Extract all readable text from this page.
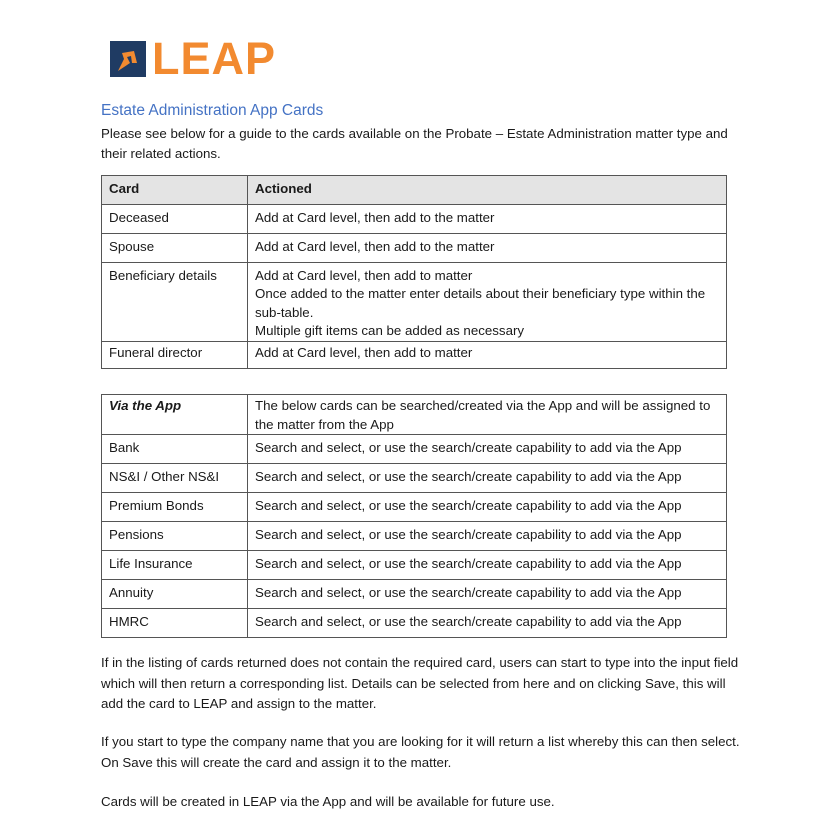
LEAP
Estate Administration App Cards

Please see below for a guide to the cards available on the Probate – Estate Administration matter type and their related actions.

Card	Actioned
Deceased	Add at Card level, then add to the matter
Spouse	Add at Card level, then add to the matter
Beneficiary details	Add at Card level, then add to matter
Once added to the matter enter details about their beneficiary type within the sub-table.
Multiple gift items can be added as necessary

Funeral director	Add at Card level, then add to matter
Via the App	The below cards can be searched/created via the App and will be assigned to the matter from the App
Bank	Search and select, or use the search/create capability to add via the App
NS&I / Other NS&I	Search and select, or use the search/create capability to add via the App
Premium Bonds	Search and select, or use the search/create capability to add via the App
Pensions	Search and select, or use the search/create capability to add via the App
Life Insurance	Search and select, or use the search/create capability to add via the App
Annuity	Search and select, or use the search/create capability to add via the App
HMRC	Search and select, or use the search/create capability to add via the App

If in the listing of cards returned does not contain the required card, users can start to type into the input field which will then return a corresponding list. Details can be selected from here and on clicking Save, this will add the card to LEAP and assign to the matter.

If you start to type the company name that you are looking for it will return a list whereby this can then select. On Save this will create the card and assign it to the matter.

Cards will be created in LEAP via the App and will be available for future use.
